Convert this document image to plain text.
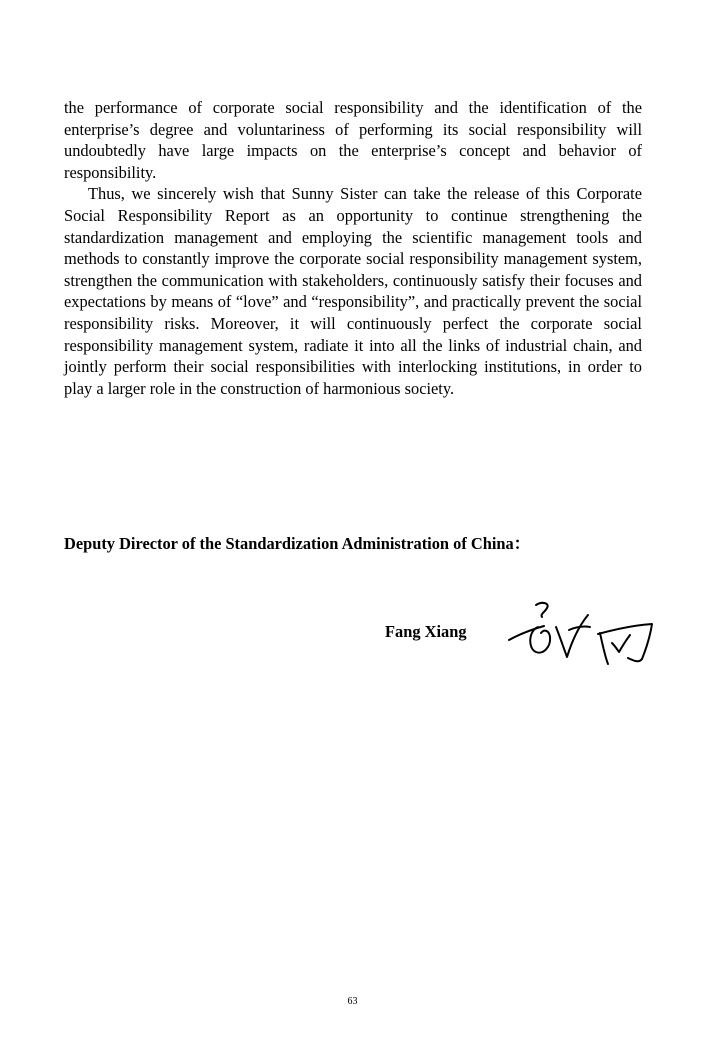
the performance of corporate social responsibility and the identification of the enterprise’s degree and voluntariness of performing its social responsibility will undoubtedly have large impacts on the enterprise’s concept and behavior of responsibility.

Thus, we sincerely wish that Sunny Sister can take the release of this Corporate Social Responsibility Report as an opportunity to continue strengthening the standardization management and employing the scientific management tools and methods to constantly improve the corporate social responsibility management system, strengthen the communication with stakeholders, continuously satisfy their focuses and expectations by means of “love” and “responsibility”, and practically prevent the social responsibility risks. Moreover, it will continuously perfect the corporate social responsibility management system, radiate it into all the links of industrial chain, and jointly perform their social responsibilities with interlocking institutions, in order to play a larger role in the construction of harmonious society.

Deputy Director of the Standardization Administration of China：
Fang Xiang
63
